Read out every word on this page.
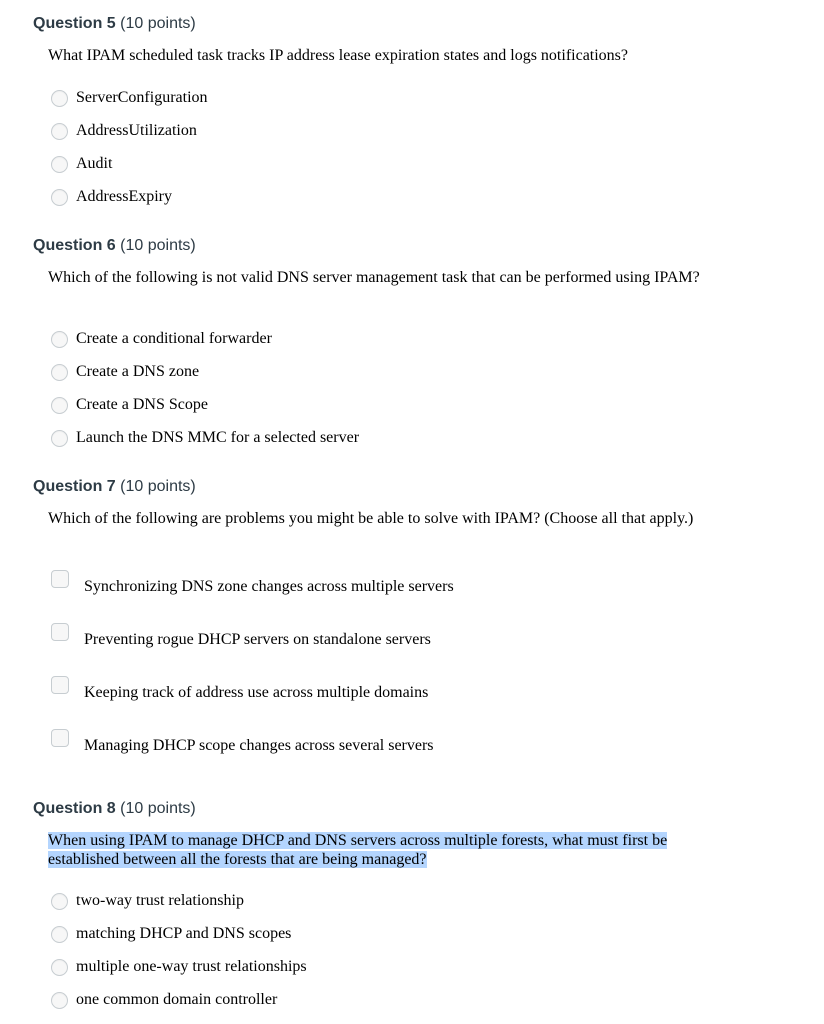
Question 5 (10 points)
What IPAM scheduled task tracks IP address lease expiration states and logs notifications?
ServerConfiguration
AddressUtilization
Audit
AddressExpiry
Question 6 (10 points)
Which of the following is not valid DNS server management task that can be performed using IPAM?
Create a conditional forwarder
Create a DNS zone
Create a DNS Scope
Launch the DNS MMC for a selected server
Question 7 (10 points)
Which of the following are problems you might be able to solve with IPAM? (Choose all that apply.)
Synchronizing DNS zone changes across multiple servers
Preventing rogue DHCP servers on standalone servers
Keeping track of address use across multiple domains
Managing DHCP scope changes across several servers
Question 8 (10 points)
When using IPAM to manage DHCP and DNS servers across multiple forests, what must first be established between all the forests that are being managed?
two-way trust relationship
matching DHCP and DNS scopes
multiple one-way trust relationships
one common domain controller
